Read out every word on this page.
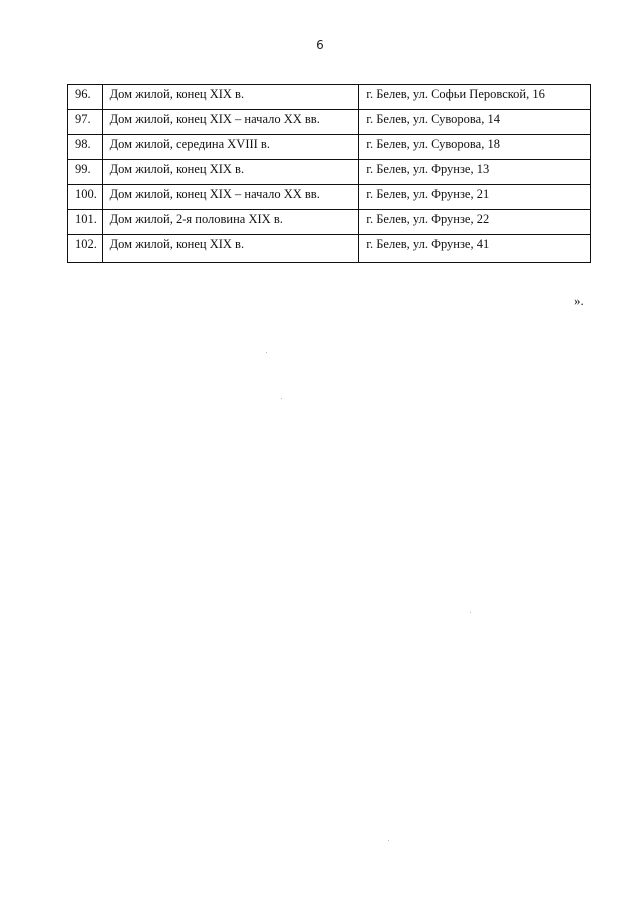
6
96.	Дом жилой, конец XIX в.	г. Белев, ул. Софьи Перовской, 16
97.	Дом жилой, конец XIX – начало XX вв.	г. Белев, ул. Суворова, 14
98.	Дом жилой, середина XVIII в.	г. Белев, ул. Суворова, 18
99.	Дом жилой, конец XIX в.	г. Белев, ул. Фрунзе, 13
100.	Дом жилой, конец XIX – начало XX вв.	г. Белев, ул. Фрунзе, 21
101.	Дом жилой, 2-я половина XIX в.	г. Белев, ул. Фрунзе, 22
102.	Дом жилой, конец XIX в.	г. Белев, ул. Фрунзе, 41
».
